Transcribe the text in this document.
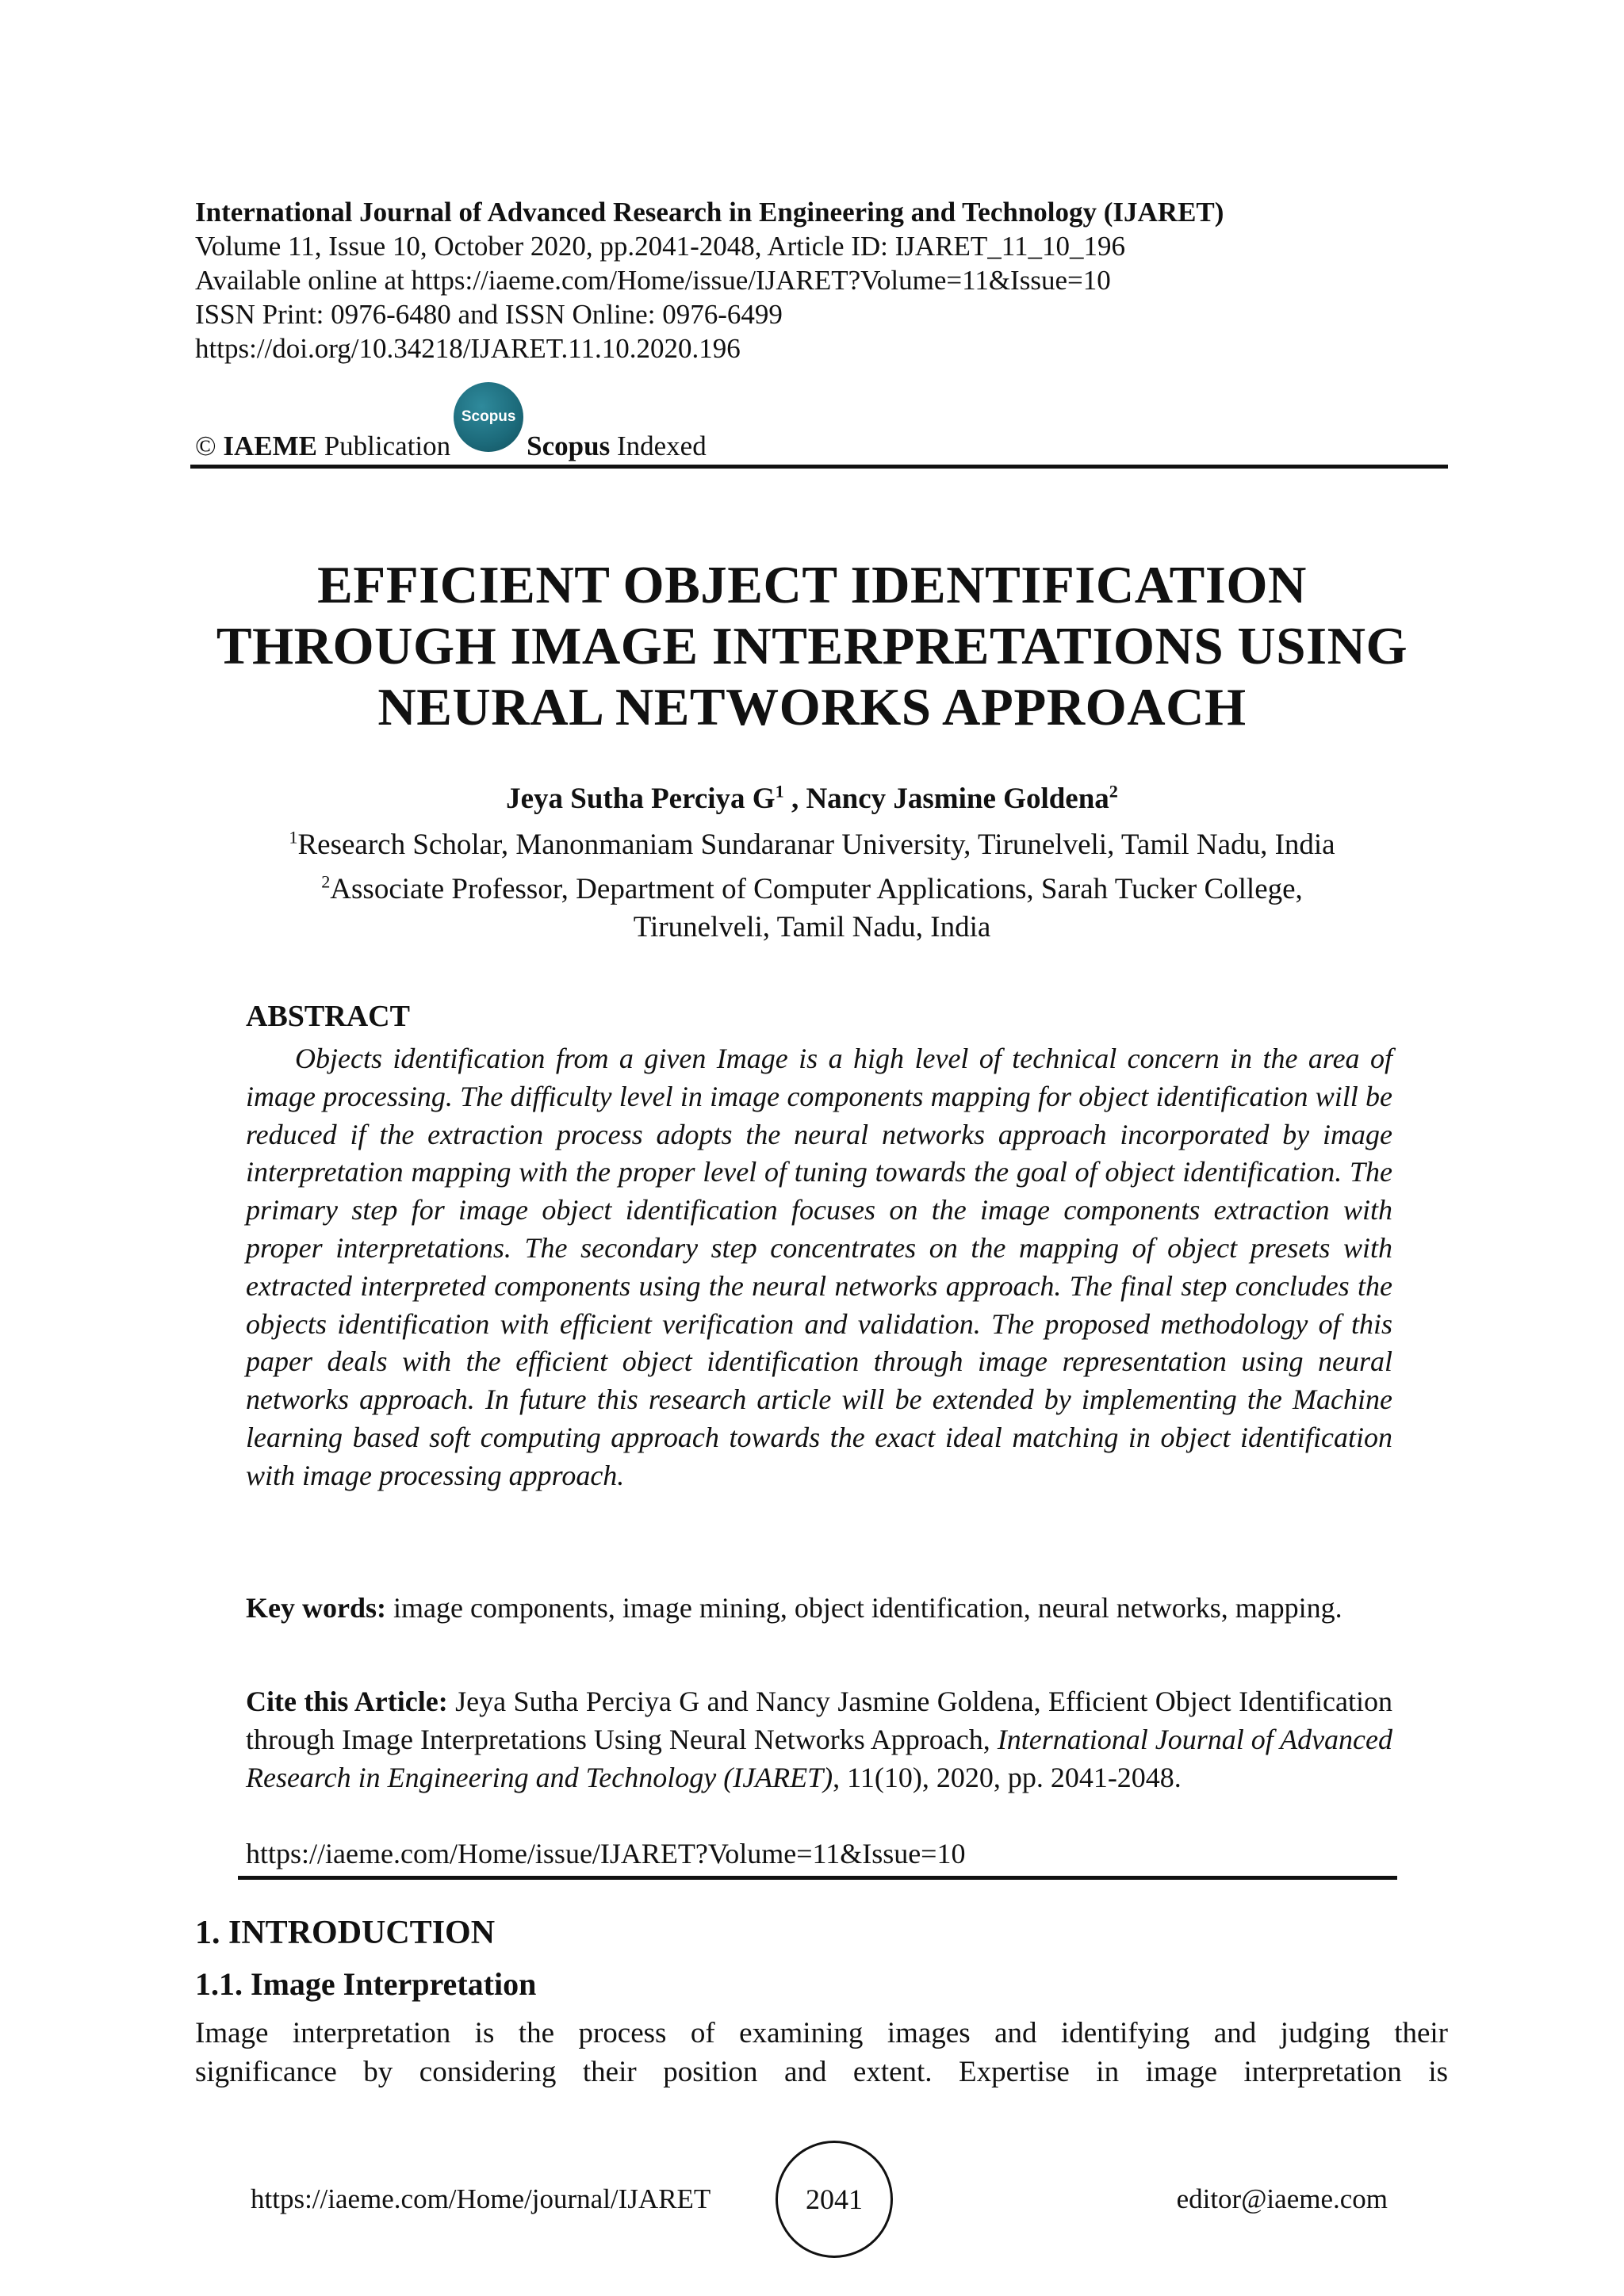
International Journal of Advanced Research in Engineering and Technology (IJARET)
Volume 11, Issue 10, October 2020, pp.2041-2048, Article ID: IJARET_11_10_196
Available online at https://iaeme.com/Home/issue/IJARET?Volume=11&Issue=10
ISSN Print: 0976-6480 and ISSN Online: 0976-6499
https://doi.org/10.34218/IJARET.11.10.2020.196
©
IAEME
Publication
Scopus
Scopus
Indexed
EFFICIENT OBJECT IDENTIFICATION
THROUGH IMAGE INTERPRETATIONS USING
NEURAL NETWORKS APPROACH
Jeya Sutha Perciya $G^1$ , Nancy Jasmine Goldena$^2$
$^1$Research Scholar, Manonmaniam Sundaranar University, Tirunelveli, Tamil Nadu, India
$^2$Associate Professor, Department of Computer Applications, Sarah Tucker College,
Tirunelveli, Tamil Nadu, India
ABSTRACT
Objects identification from a given Image is a high level of technical concern in the area of image processing. The difficulty level in image components mapping for object identification will be reduced if the extraction process adopts the neural networks approach incorporated by image interpretation mapping with the proper level of tuning towards the goal of object identification. The primary step for image object identification focuses on the image components extraction with proper interpretations. The secondary step concentrates on the mapping of object presets with extracted interpreted components using the neural networks approach. The final step concludes the objects identification with efficient verification and validation. The proposed methodology of this paper deals with the efficient object identification through image representation using neural networks approach. In future this research article will be extended by implementing the Machine learning based soft computing approach towards the exact ideal matching in object identification with image processing approach.
Key words: image components, image mining, object identification, neural networks, mapping.
Cite this Article: Jeya Sutha Perciya G and Nancy Jasmine Goldena, Efficient Object Identification through Image Interpretations Using Neural Networks Approach, International Journal of Advanced Research in Engineering and Technology (IJARET), 11(10), 2020, pp. 2041-2048.
https://iaeme.com/Home/issue/IJARET?Volume=11&Issue=10
1. INTRODUCTION
1.1. Image Interpretation
Image interpretation is the process of examining images and identifying and judging their
significance by considering their position and extent. Expertise in image interpretation is
https://iaeme.com/Home/journal/IJARET	2041	editor@iaeme.com
